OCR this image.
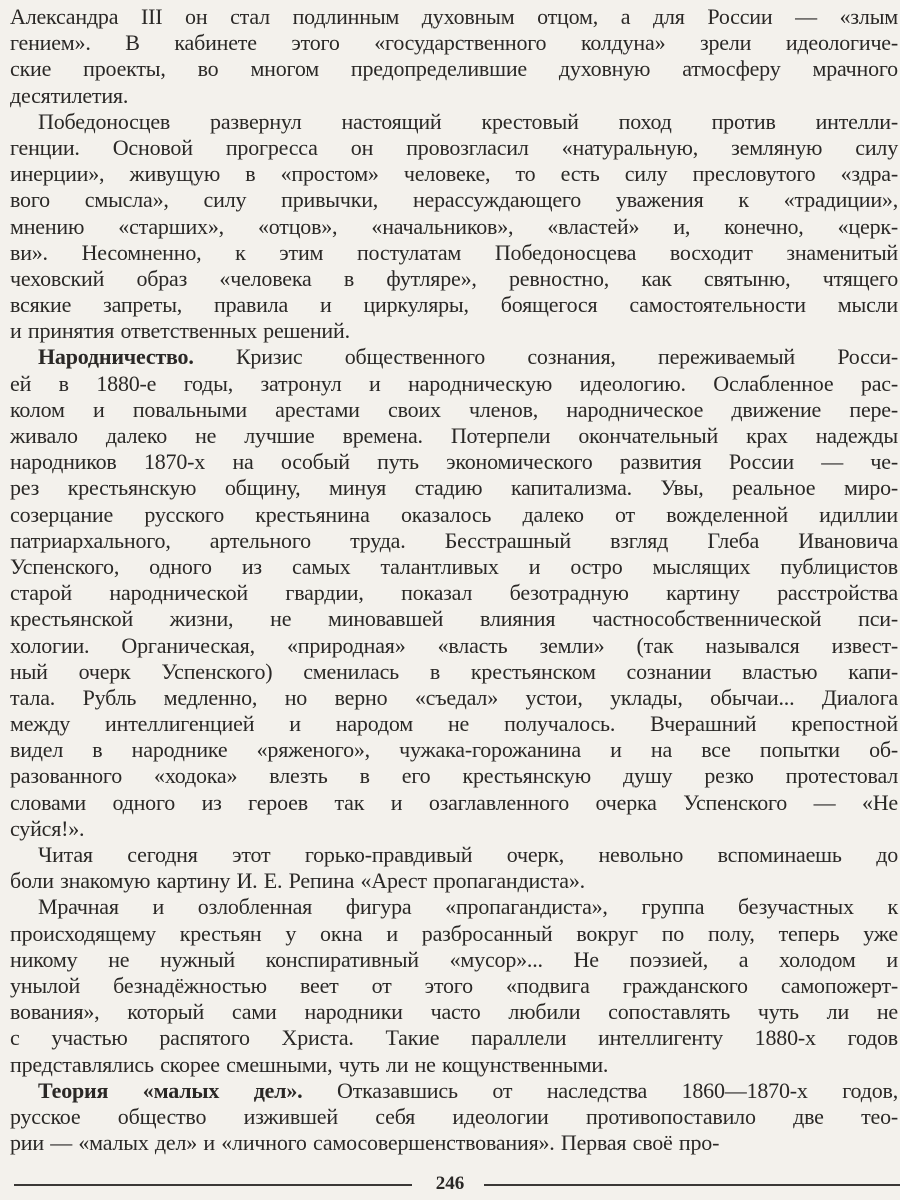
Александра III он стал подлинным духовным отцом, а для России — «злым
гением». В кабинете этого «государственного колдуна» зрели идеологиче-
ские проекты, во многом предопределившие духовную атмосферу мрачного
десятилетия.
Победоносцев развернул настоящий крестовый поход против интелли-
генции. Основой прогресса он провозгласил «натуральную, земляную силу
инерции», живущую в «простом» человеке, то есть силу пресловутого «здра-
вого смысла», силу привычки, нерассуждающего уважения к «традиции»,
мнению «старших», «отцов», «начальников», «властей» и, конечно, «церк-
ви». Несомненно, к этим постулатам Победоносцева восходит знаменитый
чеховский образ «человека в футляре», ревностно, как святыню, чтящего
всякие запреты, правила и циркуляры, боящегося самостоятельности мысли
и принятия ответственных решений.
Народничество. Кризис общественного сознания, переживаемый Росси-
ей в 1880-е годы, затронул и народническую идеологию. Ослабленное рас-
колом и повальными арестами своих членов, народническое движение пере-
живало далеко не лучшие времена. Потерпели окончательный крах надежды
народников 1870-х на особый путь экономического развития России — че-
рез крестьянскую общину, минуя стадию капитализма. Увы, реальное миро-
созерцание русского крестьянина оказалось далеко от вожделенной идиллии
патриархального, артельного труда. Бесстрашный взгляд Глеба Ивановича
Успенского, одного из самых талантливых и остро мыслящих публицистов
старой народнической гвардии, показал безотрадную картину расстройства
крестьянской жизни, не миновавшей влияния частнособственнической пси-
хологии. Органическая, «природная» «власть земли» (так назывался извест-
ный очерк Успенского) сменилась в крестьянском сознании властью капи-
тала. Рубль медленно, но верно «съедал» устои, уклады, обычаи... Диалога
между интеллигенцией и народом не получалось. Вчерашний крепостной
видел в народнике «ряженого», чужака-горожанина и на все попытки об-
разованного «ходока» влезть в его крестьянскую душу резко протестовал
словами одного из героев так и озаглавленного очерка Успенского — «Не
суйся!».
Читая сегодня этот горько-правдивый очерк, невольно вспоминаешь до
боли знакомую картину И. Е. Репина «Арест пропагандиста».
Мрачная и озлобленная фигура «пропагандиста», группа безучастных к
происходящему крестьян у окна и разбросанный вокруг по полу, теперь уже
никому не нужный конспиративный «мусор»... Не поэзией, а холодом и
унылой безнадёжностью веет от этого «подвига гражданского самопожерт-
вования», который сами народники часто любили сопоставлять чуть ли не
с участью распятого Христа. Такие параллели интеллигенту 1880-х годов
представлялись скорее смешными, чуть ли не кощунственными.
Теория «малых дел». Отказавшись от наследства 1860—1870-х годов,
русское общество изжившей себя идеологии противопоставило две тео-
рии — «малых дел» и «личного самосовершенствования». Первая своё про-
246
